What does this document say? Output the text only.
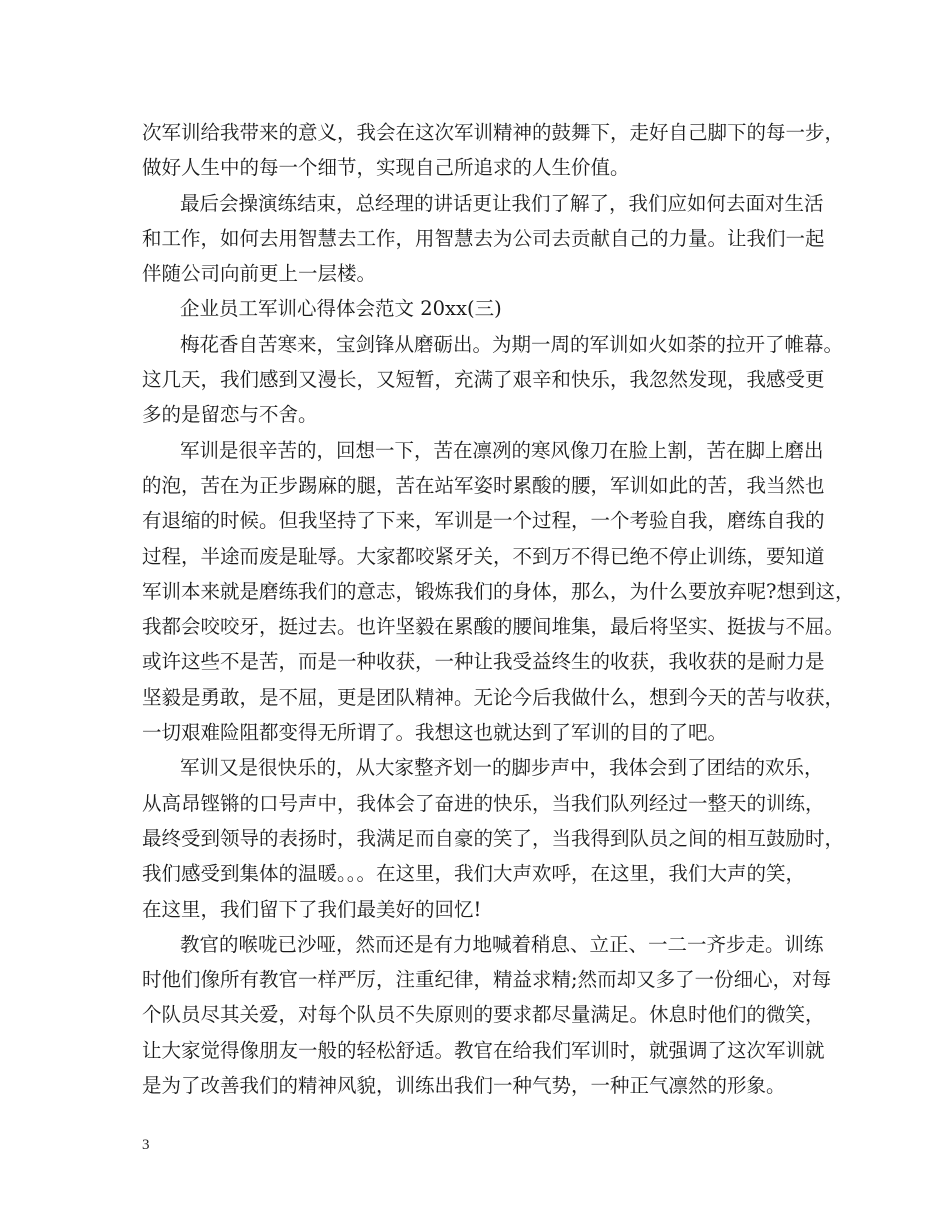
次军训给我带来的意义，我会在这次军训精神的鼓舞下，走好自己脚下的每一步，
做好人生中的每一个细节，实现自己所追求的人生价值。
最后会操演练结束，总经理的讲话更让我们了解了，我们应如何去面对生活
和工作，如何去用智慧去工作，用智慧去为公司去贡献自己的力量。让我们一起
伴随公司向前更上一层楼。
企业员工军训心得体会范文 20xx(三)
梅花香自苦寒来，宝剑锋从磨砺出。为期一周的军训如火如荼的拉开了帷幕。
这几天，我们感到又漫长，又短暂，充满了艰辛和快乐，我忽然发现，我感受更
多的是留恋与不舍。
军训是很辛苦的，回想一下，苦在凛冽的寒风像刀在脸上割，苦在脚上磨出
的泡，苦在为正步踢麻的腿，苦在站军姿时累酸的腰，军训如此的苦，我当然也
有退缩的时候。但我坚持了下来，军训是一个过程，一个考验自我，磨练自我的
过程，半途而废是耻辱。大家都咬紧牙关，不到万不得已绝不停止训练，要知道
军训本来就是磨练我们的意志，锻炼我们的身体，那么，为什么要放弃呢?想到这，
我都会咬咬牙，挺过去。也许坚毅在累酸的腰间堆集，最后将坚实、挺拔与不屈。
或许这些不是苦，而是一种收获，一种让我受益终生的收获，我收获的是耐力是
坚毅是勇敢，是不屈，更是团队精神。无论今后我做什么，想到今天的苦与收获，
一切艰难险阻都变得无所谓了。我想这也就达到了军训的目的了吧。
军训又是很快乐的，从大家整齐划一的脚步声中，我体会到了团结的欢乐，
从高昂铿锵的口号声中，我体会了奋进的快乐，当我们队列经过一整天的训练，
最终受到领导的表扬时，我满足而自豪的笑了，当我得到队员之间的相互鼓励时，
我们感受到集体的温暖。。。在这里，我们大声欢呼，在这里，我们大声的笑，
在这里，我们留下了我们最美好的回忆!
教官的喉咙已沙哑，然而还是有力地喊着稍息、立正、一二一齐步走。训练
时他们像所有教官一样严厉，注重纪律，精益求精;然而却又多了一份细心，对每
个队员尽其关爱，对每个队员不失原则的要求都尽量满足。休息时他们的微笑，
让大家觉得像朋友一般的轻松舒适。教官在给我们军训时，就强调了这次军训就
是为了改善我们的精神风貌，训练出我们一种气势，一种正气凛然的形象。
3
